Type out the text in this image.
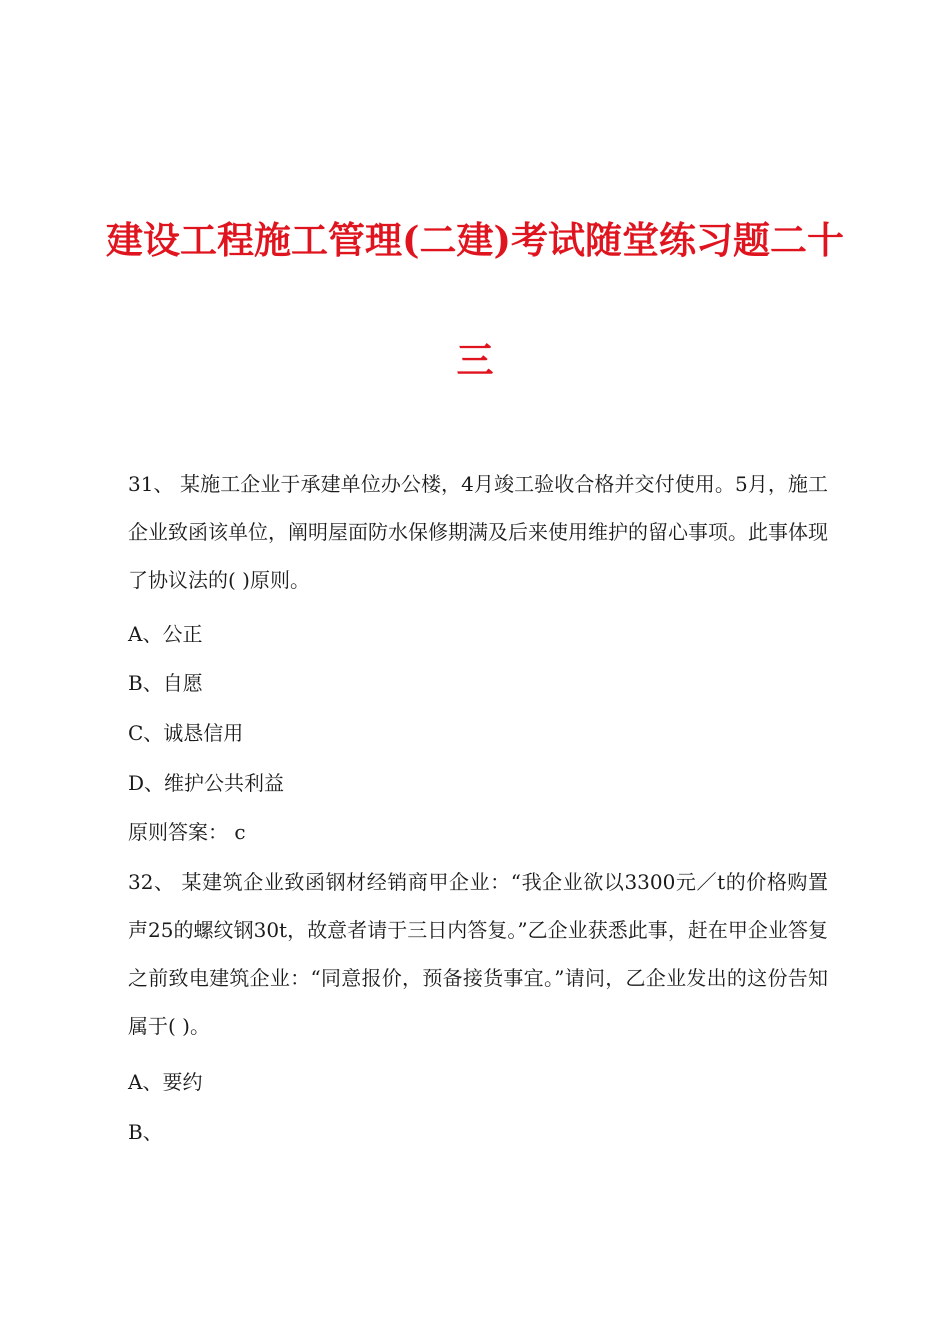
建设工程施工管理(二建)考试随堂练习题二十
三

31、 某施工企业于承建单位办公楼，4月竣工验收合格并交付使用。5月，施工企业致函该单位，阐明屋面防水保修期满及后来使用维护的留心事项。此事体现了协议法的( )原则。

A、公正
B、自愿
C、诚恳信用
D、维护公共利益
原则答案： c

32、 某建筑企业致函钢材经销商甲企业：“我企业欲以3300元／t的价格购置声25的螺纹钢30t，故意者请于三日内答复。”乙企业获悉此事，赶在甲企业答复之前致电建筑企业：“同意报价，预备接货事宜。”请问，乙企业发出的这份告知属于( )。

A、要约
B、
